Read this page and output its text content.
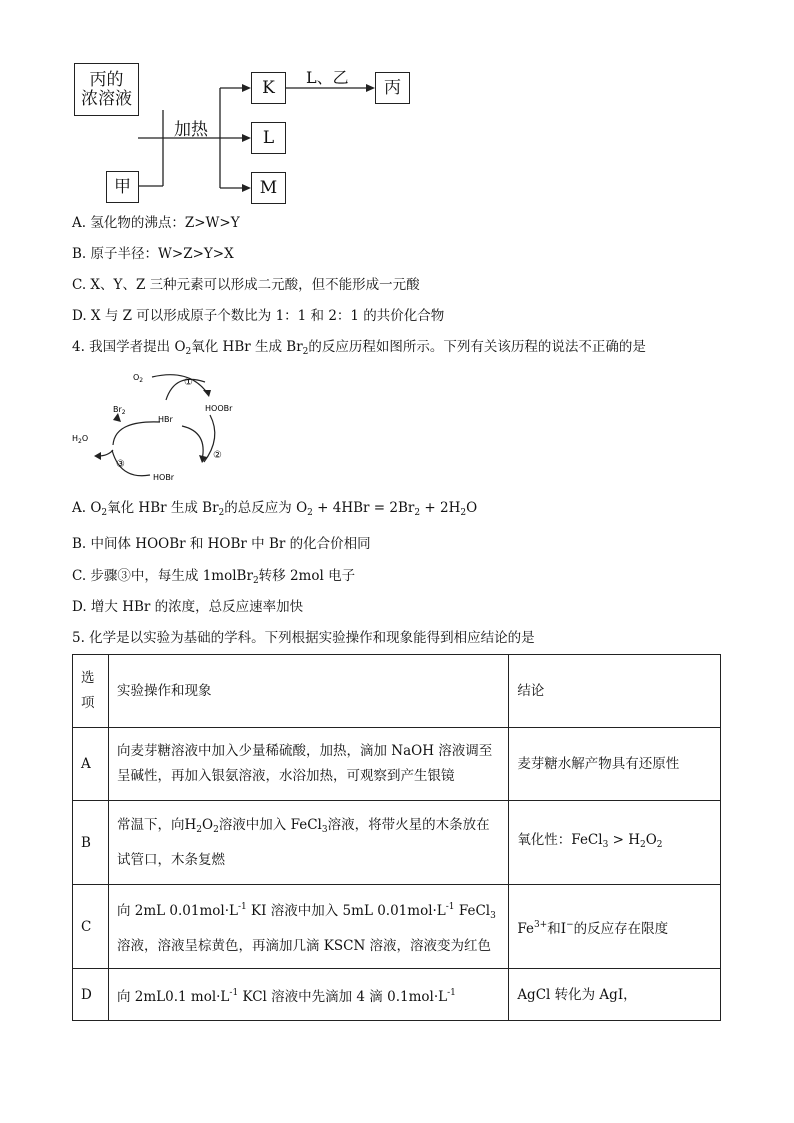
丙的
浓溶液
甲
加热
K
L
M
L、乙	丙
A. 氢化物的沸点：Z>W>Y
B. 原子半径：W>Z>Y>X
C. X、Y、Z 三种元素可以形成二元酸，但不能形成一元酸
D. X 与 Z 可以形成原子个数比为 1：1 和 2：1 的共价化合物
4. 我国学者提出 $O_2$氧化 HBr 生成 $Br_2$的反应历程如图所示。下列有关该历程的说法不正确的是
$O_2$	①
HOOBr
HBr
$Br_2$
$H_2O$
③
HOBr
②
A. $O_2$氧化 HBr 生成 $Br_2$的总反应为 $O_2 + 4HBr = 2Br_2 + 2H_2O$
B. 中间体 HOOBr 和 HOBr 中 Br 的化合价相同
C. 步骤③中，每生成 1molBr$_2$转移 2mol 电子
D. 增大 HBr 的浓度，总反应速率加快
5. 化学是以实验为基础的学科。下列根据实验操作和现象能得到相应结论的是
选
项	实验操作和现象	结论
A	向麦芽糖溶液中加入少量稀硫酸，加热，滴加 NaOH 溶液调至呈碱性，再加入银氨溶液，水浴加热，可观察到产生银镜	麦芽糖水解产物具有还原性
B	常温下，向$H_2O_2$溶液中加入 FeCl$_3$溶液，将带火星的木条放在试管口，木条复燃	氧化性：FeCl$_3$ > $H_2O_2$
C	向 2mL $0.01mol\cdot L^{-1}$ KI 溶液中加入 5mL $0.01mol\cdot L^{-1}$ FeCl$_3$溶液，溶液呈棕黄色，再滴加几滴 KSCN 溶液，溶液变为红色	$Fe^{3+}$和I−的反应存在限度
D	向 2mL0.1 $mol\cdot L^{-1}$ KCl 溶液中先滴加 4 滴 $0.1mol\cdot L^{-1}$	AgCl 转化为 AgI，
